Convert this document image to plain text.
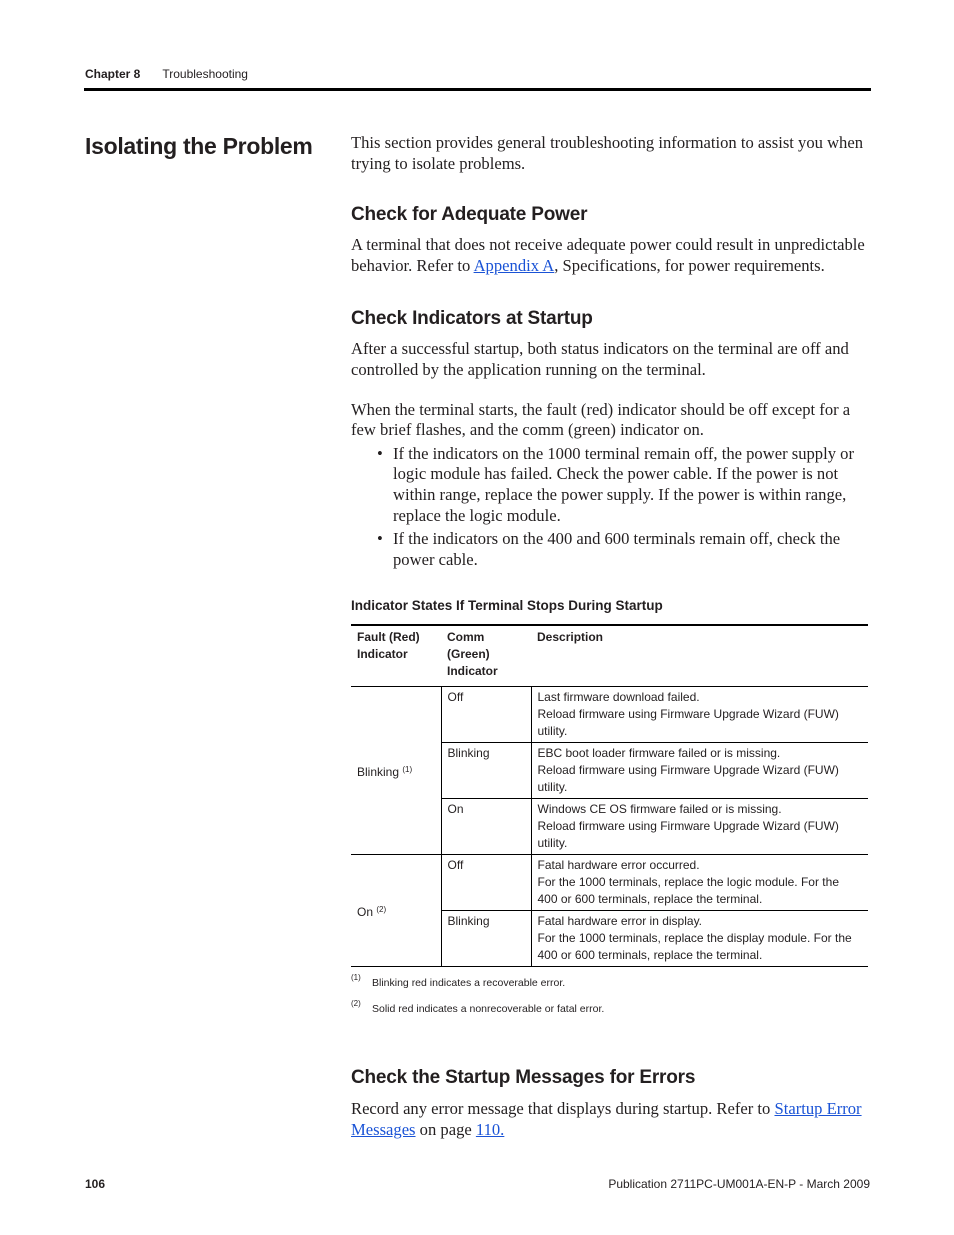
Chapter 8 Troubleshooting
Isolating the Problem This section provides general troubleshooting information to assist you when trying to isolate problems.

Check for Adequate Power

A terminal that does not receive adequate power could result in unpredictable behavior. Refer to Appendix A, Specifications, for power requirements.

Check Indicators at Startup

After a successful startup, both status indicators on the terminal are off and controlled by the application running on the terminal.

When the terminal starts, the fault (red) indicator should be off except for a few brief flashes, and the comm (green) indicator on.

• If the indicators on the 1000 terminal remain off, the power supply or logic module has failed. Check the power cable. If the power is not within range, replace the power supply. If the power is within range, replace the logic module.
• If the indicators on the 400 and 600 terminals remain off, check the power cable.

Indicator States If Terminal Stops During Startup

Fault (Red) Indicator	Comm (Green) Indicator	Description
Blinking $^{(1)}$	Off	Last firmware download failed.
Reload firmware using Firmware Upgrade Wizard (FUW) utility.

	Blinking	EBC boot loader firmware failed or is missing.
Reload firmware using Firmware Upgrade Wizard (FUW) utility.

	On	Windows CE OS firmware failed or is missing.
Reload firmware using Firmware Upgrade Wizard (FUW) utility.

On $^{(2)}$	Off	Fatal hardware error occurred.
For the 1000 terminals, replace the logic module. For the 400 or 600 terminals, replace the terminal.

	Blinking	Fatal hardware error in display.
For the 1000 terminals, replace the display module. For the 400 or 600 terminals, replace the terminal.

(1) Blinking red indicates a recoverable error.

(2) Solid red indicates a nonrecoverable or fatal error.

Check the Startup Messages for Errors

Record any error message that displays during startup. Refer to Startup Error Messages on page 110.

106	Publication 2711PC-UM001A-EN-P - March 2009
